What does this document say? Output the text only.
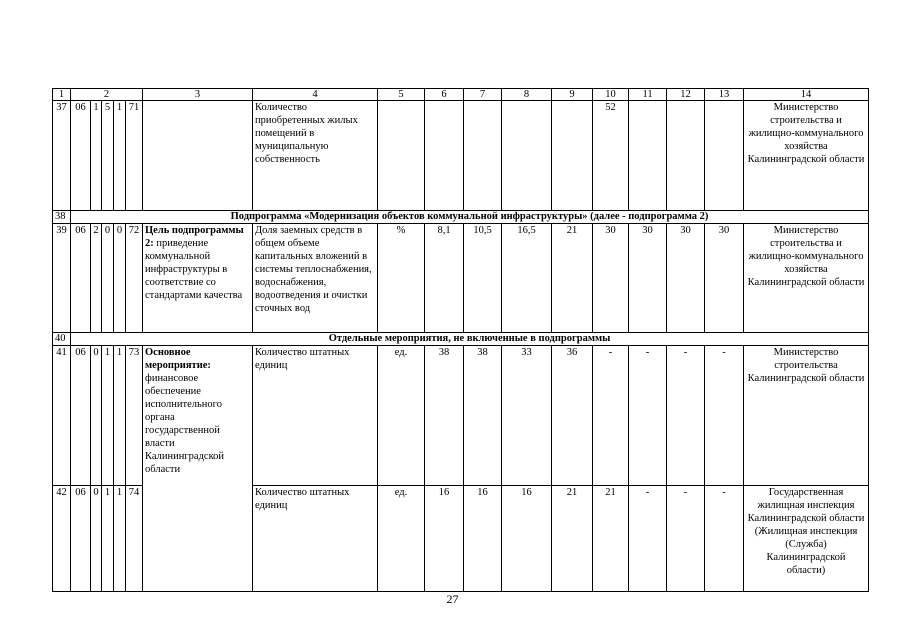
1	2					3	4	5	6	7	8	9	10	11	12	13	14
37	06	1	5	1	71		Количество приобретенных жилых помещений в муниципальную собственность						52				Министерство строительства и жилищно-коммунального хозяйства Калининградской области
38	Подпрограмма «Модернизация объектов коммунальной инфраструктуры» (далее - подпрограмма 2)																
39	06	2	0	0	72	Цель подпрограммы 2: приведение коммунальной инфраструктуры в соответствие со стандартами качества	Доля заемных средств в общем объеме капитальных вложений в системы теплоснабжения, водоснабжения, водоотведения и очистки сточных вод	%	8,1	10,5	16,5	21	30	30	30	30	Министерство строительства и жилищно-коммунального хозяйства Калининградской области
40	Отдельные мероприятия, не включенные в подпрограммы																
41	06	0	1	1	73	Основное мероприятие: финансовое обеспечение исполнительного органа государственной власти Калининградской области	Количество штатных единиц	ед.	38	38	33	36	-	-	-	-	Министерство строительства Калининградской области
42	06	0	1	1	74		Количество штатных единиц	ед.	16	16	16	21	21	-	-	-	Государственная жилищная инспекция Калининградской области (Жилищная инспекция (Служба) Калининградской области)
27
